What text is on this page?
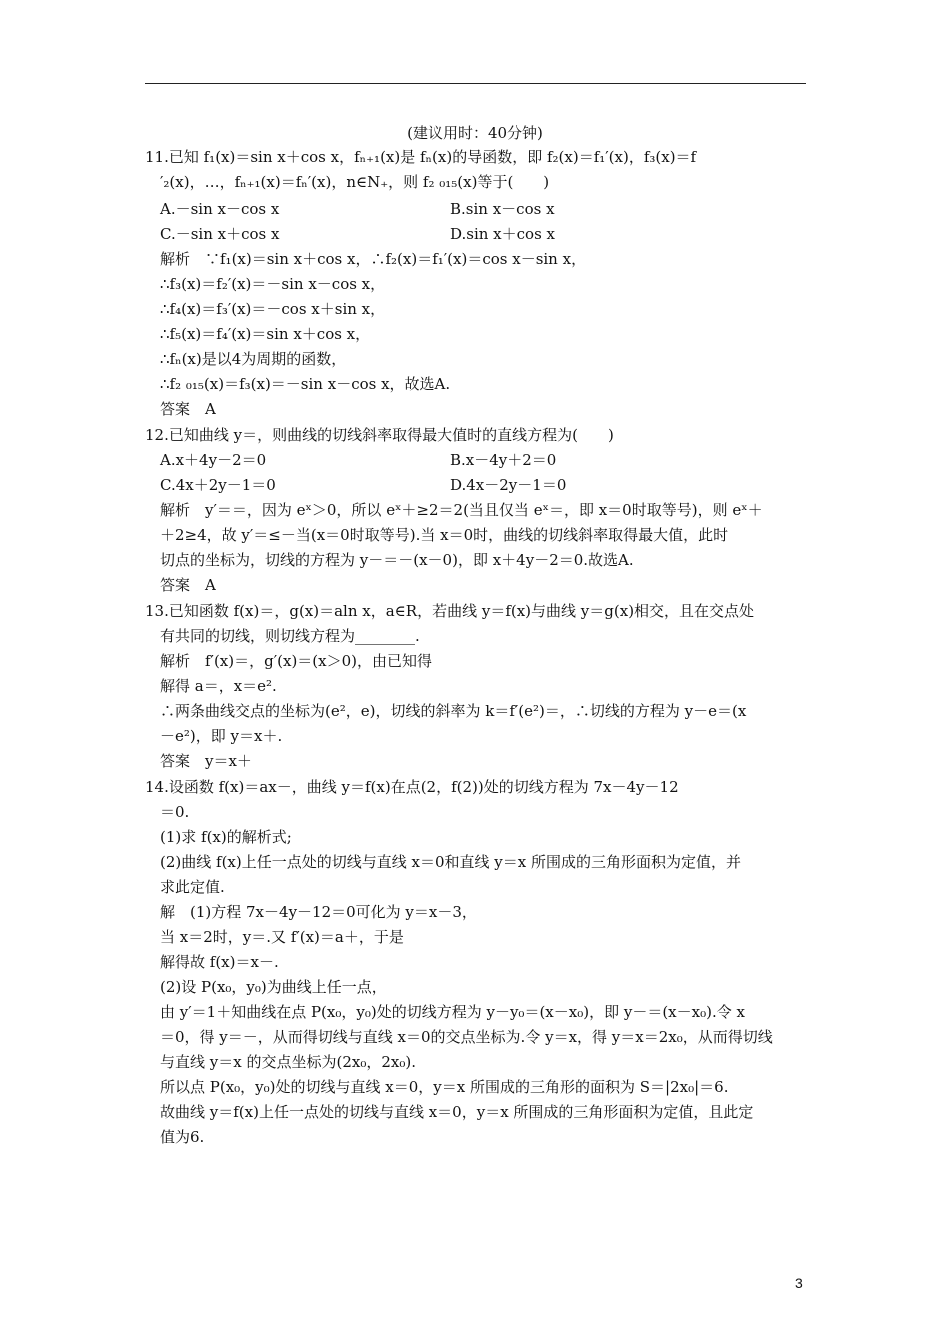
(建议用时：40分钟)
11.已知 f₁(x)＝sin x＋cos x，fₙ₊₁(x)是 fₙ(x)的导函数，即 f₂(x)＝f₁′(x)，f₃(x)＝f
′₂(x)，…，fₙ₊₁(x)＝fₙ′(x)，n∈N₊，则 f₂ ₀₁₅(x)等于(　　)
A.－sin x－cos x	B.sin x－cos x
C.－sin x＋cos x	D.sin x＋cos x
解析　∵f₁(x)＝sin x＋cos x，∴f₂(x)＝f₁′(x)＝cos x－sin x，
∴f₃(x)＝f₂′(x)＝－sin x－cos x，
∴f₄(x)＝f₃′(x)＝－cos x＋sin x，
∴f₅(x)＝f₄′(x)＝sin x＋cos x，
∴fₙ(x)是以4为周期的函数，
∴f₂ ₀₁₅(x)＝f₃(x)＝－sin x－cos x，故选A.
答案　A
12.已知曲线 y＝，则曲线的切线斜率取得最大值时的直线方程为(　　)
A.x＋4y－2＝0	B.x－4y＋2＝0
C.4x＋2y－1＝0	D.4x－2y－1＝0
解析　y′＝＝，因为 eˣ＞0，所以 eˣ＋≥2＝2(当且仅当 eˣ＝，即 x＝0时取等号)，则 eˣ＋
＋2≥4，故 y′＝≤－当(x＝0时取等号).当 x＝0时，曲线的切线斜率取得最大值，此时
切点的坐标为，切线的方程为 y－＝－(x－0)，即 x＋4y－2＝0.故选A.
答案　A
13.已知函数 f(x)＝，g(x)＝aln x，a∈R，若曲线 y＝f(x)与曲线 y＝g(x)相交，且在交点处
有共同的切线，则切线方程为________.
解析　f′(x)＝，g′(x)＝(x＞0)，由已知得
解得 a＝，x＝e².
∴两条曲线交点的坐标为(e²，e)，切线的斜率为 k＝f′(e²)＝，∴切线的方程为 y－e＝(x
－e²)，即 y＝x＋.
答案　y＝x＋
14.设函数 f(x)＝ax－，曲线 y＝f(x)在点(2，f(2))处的切线方程为 7x－4y－12
＝0.
(1)求 f(x)的解析式;
(2)曲线 f(x)上任一点处的切线与直线 x＝0和直线 y＝x 所围成的三角形面积为定值，并
求此定值.
解　(1)方程 7x－4y－12＝0可化为 y＝x－3，
当 x＝2时，y＝.又 f′(x)＝a＋，于是
解得故 f(x)＝x－.
(2)设 P(x₀，y₀)为曲线上任一点，
由 y′＝1＋知曲线在点 P(x₀，y₀)处的切线方程为 y－y₀＝(x－x₀)，即 y－＝(x－x₀).令 x
＝0，得 y＝－，从而得切线与直线 x＝0的交点坐标为.令 y＝x，得 y＝x＝2x₀，从而得切线
与直线 y＝x 的交点坐标为(2x₀，2x₀).
所以点 P(x₀，y₀)处的切线与直线 x＝0，y＝x 所围成的三角形的面积为 S＝|2x₀|＝6.
故曲线 y＝f(x)上任一点处的切线与直线 x＝0，y＝x 所围成的三角形面积为定值，且此定
值为6.
3
